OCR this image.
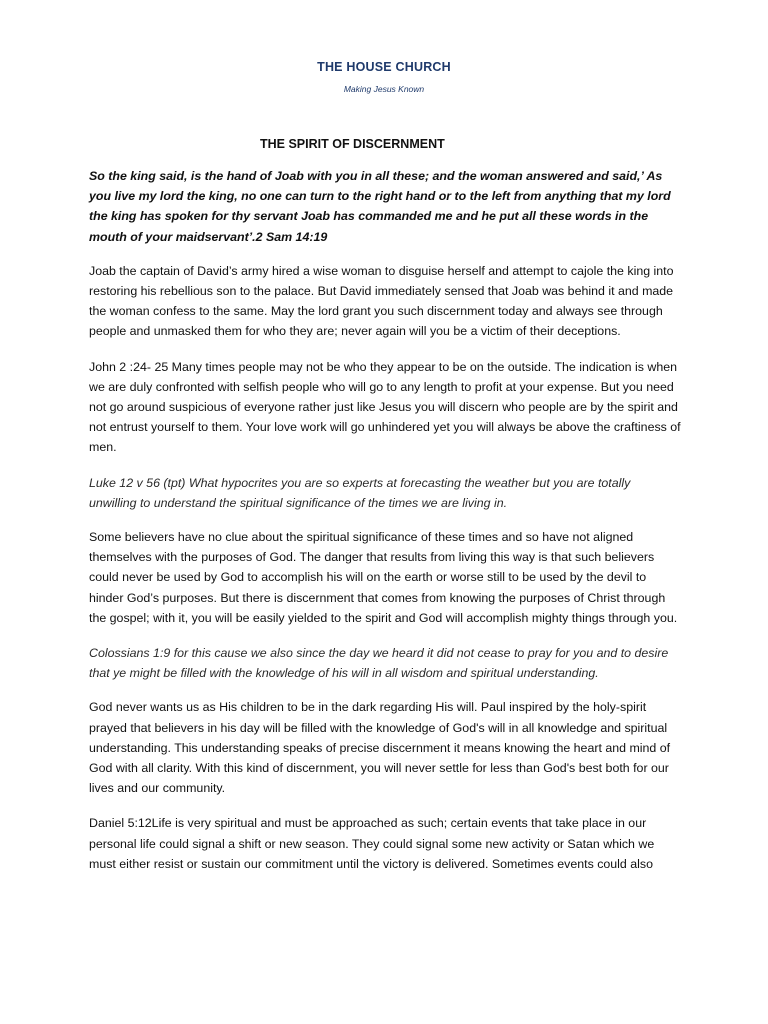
THE HOUSE CHURCH
Making Jesus Known
THE SPIRIT OF DISCERNMENT

So the king said, is the hand of Joab with you in all these; and the woman answered and said,’ As you live my lord the king, no one can turn to the right hand or to the left from anything that my lord the king has spoken for thy servant Joab has commanded me and he put all these words in the mouth of your maidservant’.2 Sam 14:19

Joab the captain of David’s army hired a wise woman to disguise herself and attempt to cajole the king into restoring his rebellious son to the palace. But David immediately sensed that Joab was behind it and made the woman confess to the same. May the lord grant you such discernment today and always see through people and unmasked them for who they are; never again will you be a victim of their deceptions.

John 2 :24- 25 Many times people may not be who they appear to be on the outside. The indication is when we are duly confronted with selfish people who will go to any length to profit at your expense. But you need not go around suspicious of everyone rather just like Jesus you will discern who people are by the spirit and not entrust yourself to them. Your love work will go unhindered yet you will always be above the craftiness of men.

Luke 12 v 56 (tpt) What hypocrites you are so experts at forecasting the weather but you are totally unwilling to understand the spiritual significance of the times we are living in.

Some believers have no clue about the spiritual significance of these times and so have not aligned themselves with the purposes of God. The danger that results from living this way is that such believers could never be used by God to accomplish his will on the earth or worse still to be used by the devil to hinder God’s purposes. But there is discernment that comes from knowing the purposes of Christ through the gospel; with it, you will be easily yielded to the spirit and God will accomplish mighty things through you.

Colossians 1:9 for this cause we also since the day we heard it did not cease to pray for you and to desire that ye might be filled with the knowledge of his will in all wisdom and spiritual understanding.

God never wants us as His children to be in the dark regarding His will. Paul inspired by the holy-spirit prayed that believers in his day will be filled with the knowledge of God's will in all knowledge and spiritual understanding. This understanding speaks of precise discernment it means knowing the heart and mind of God with all clarity. With this kind of discernment, you will never settle for less than God's best both for our lives and our community.

Daniel 5:12Life is very spiritual and must be approached as such; certain events that take place in our personal life could signal a shift or new season. They could signal some new activity or Satan which we must either resist or sustain our commitment until the victory is delivered. Sometimes events could also
